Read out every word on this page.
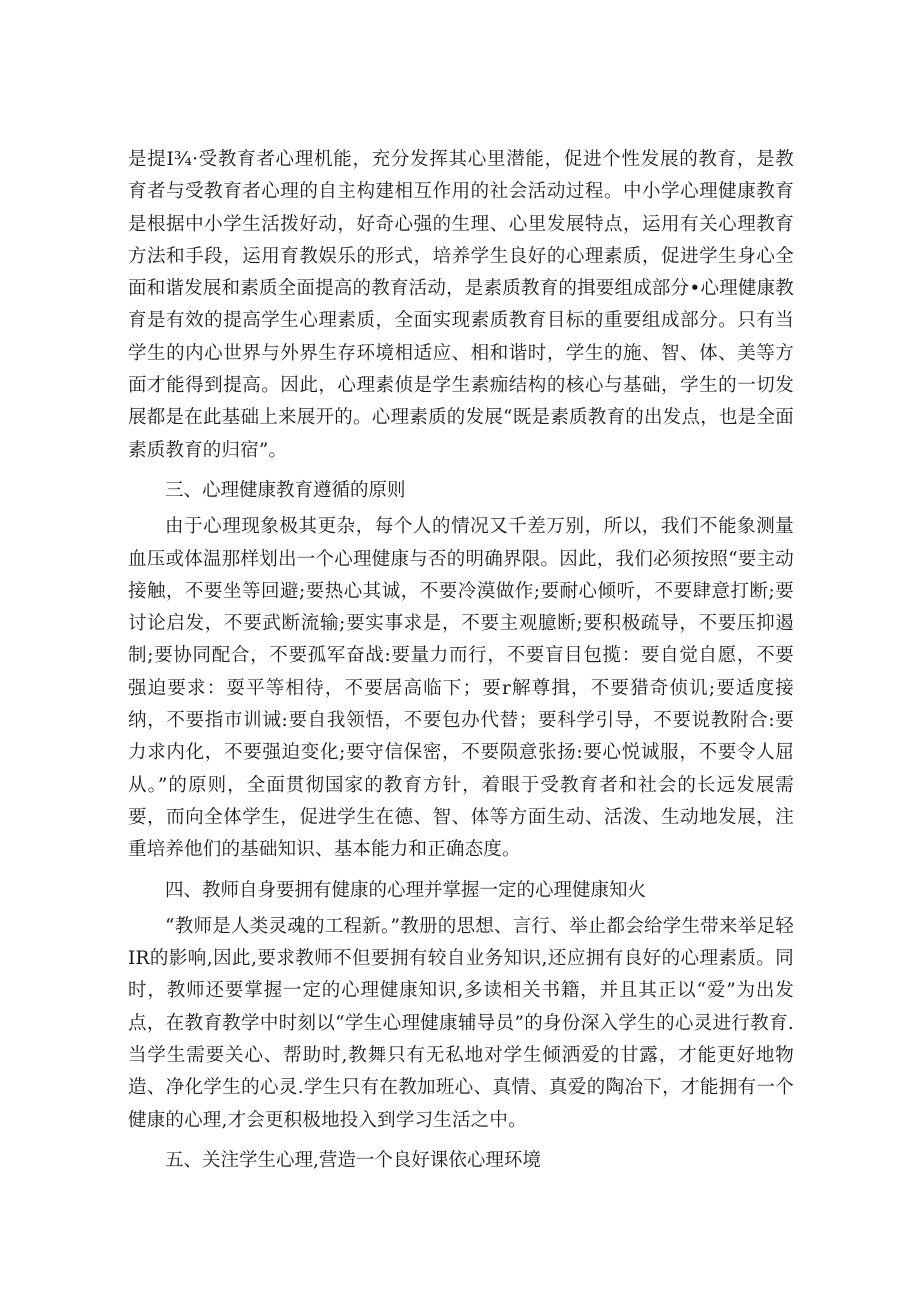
是提I¾·受教育者心理机能，充分发挥其心里潜能，促进个性发展的教育，是教育者与受教育者心理的自主构建相互作用的社会活动过程。中小学心理健康教育是根据中小学生活拨好动，好奇心强的生理、心里发展特点，运用有关心理教育方法和手段，运用育教娱乐的形式，培养学生良好的心理素质，促进学生身心全面和谐发展和素质全面提高的教育活动，是素质教育的揖要组成部分•心理健康教育是有效的提高学生心理素质，全面实现素质教育目标的重要组成部分。只有当学生的内心世界与外界生存环境相适应、相和谐时，学生的施、智、体、美等方面才能得到提高。因此，心理素侦是学生素痂结构的核心与基础，学生的一切发展都是在此基础上来展开的。心理素质的发展“既是素质教育的出发点，也是全面素质教育的归宿”。

三、心理健康教育遵循的原则

由于心理现象极其更杂，每个人的情况又千差万别，所以，我们不能象测量血压或体温那样划出一个心理健康与否的明确界限。因此，我们必须按照“要主动接触，不要坐等回避;要热心其诚，不要冷漠做作;要耐心倾听，不要肆意打断;要讨论启发，不要武断流输;要实事求是，不要主观臆断;要积极疏导，不要压抑遏制;要协同配合，不要孤军奋战:要量力而行，不要盲目包揽：要自觉自愿，不要强迫要求：耍平等相待，不要居高临下；要r解尊揖，不要猎奇侦讥;要适度接纳，不要指市训诫:要自我领悟，不要包办代替；要科学引导，不要说教附合:要力求内化，不要强迫变化;要守信保密，不要陨意张扬:要心悦诚服，不要令人屈从。”的原则，全面贯彻国家的教育方针，着眼于受教育者和社会的长远发展需要，而向全体学生，促进学生在德、智、体等方面生动、活泼、生动地发展，注重培养他们的基础知识、基本能力和正确态度。

四、教师自身要拥有健康的心理并掌握一定的心理健康知火

“教师是人类灵魂的工程新。”教册的思想、言行、举止都会给学生带来举足轻IR的影响,因此,要求教师不但要拥有较自业务知识,还应拥有良好的心理素质。同时，教师还要掌握一定的心理健康知识,多读相关书籍，并且其正以“爱”为出发点，在教育教学中时刻以“学生心理健康辅导员”的身份深入学生的心灵进行教育.当学生需要关心、帮助时,教舞只有无私地对学生倾洒爱的甘露，才能更好地物造、净化学生的心灵.学生只有在教加班心、真情、真爱的陶冶下，才能拥有一个健康的心理,才会更积极地投入到学习生活之中。

五、关注学生心理,营造一个良好课依心理环境
